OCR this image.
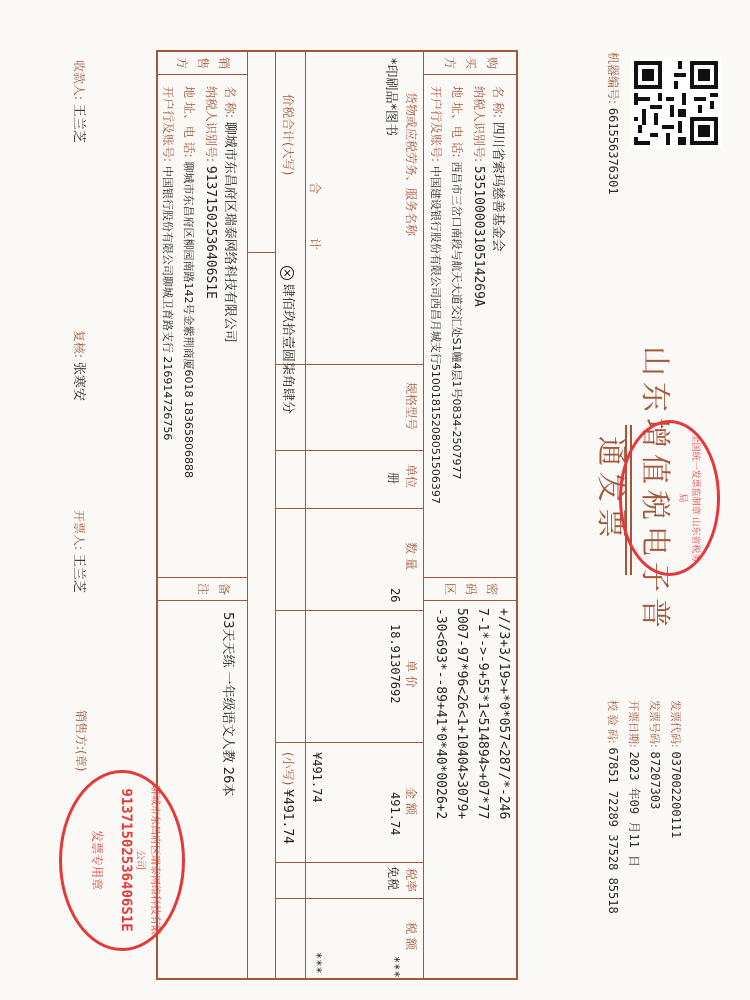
机器编号: 661556376301
山东增值税电子普通发票	全国统一发票监制章 山东省税务局
发票代码: 037002200111
发票号码: 87207303
开票日期: 2023 年09 月11 日
校 验 码: 67851 72289 37528 85518
购买方
名 称: 四川省索玛慈善基金会
纳税人识别号: 53510000310514269A
地 址、电 话: 西昌市三岔口南段与航天大道交汇处S1幢4层1号0834-2507977
开户行及账号: 中国建设银行股份有限公司西昌月城支行51001815208051506397
密码区
+//3+3/19>+*0*057<287/*-246
7-1*->-9+55*1<514894>+07*77
5007-97*96<26<1+10404>3079+
-30<693*--89+41*0*40*0026+2
货物或应税劳务、服务名称
规格型号
单位
数 量
单 价
金 额
税率
税 额
*印刷品*图书
册
26
18.91307692
491.74
免税
***
合 计
¥491.74
***
价税合计(大写)
× 肆佰玖拾壹圆柒角肆分
(小写) ¥491.74
销售方
名 称: 聊城市东昌府区瑞泰网络科技有限公司
纳税人识别号: 91371502536406S1E
地 址、电 话: 聊城市东昌府区柳园南路142号金紫荆商厦6018 18365806888
开户行及账号: 中国银行股份有限公司聊城卫育路支行 216914726756
备注
53天天练 一年级语文人教 26本
聊城市东昌府区瑞泰网络科技有限公司
91371502536406S1E
发票专用章
收款人: 王兰芝
复核: 张寒安
开票人: 王兰芝
销售方:(章)
